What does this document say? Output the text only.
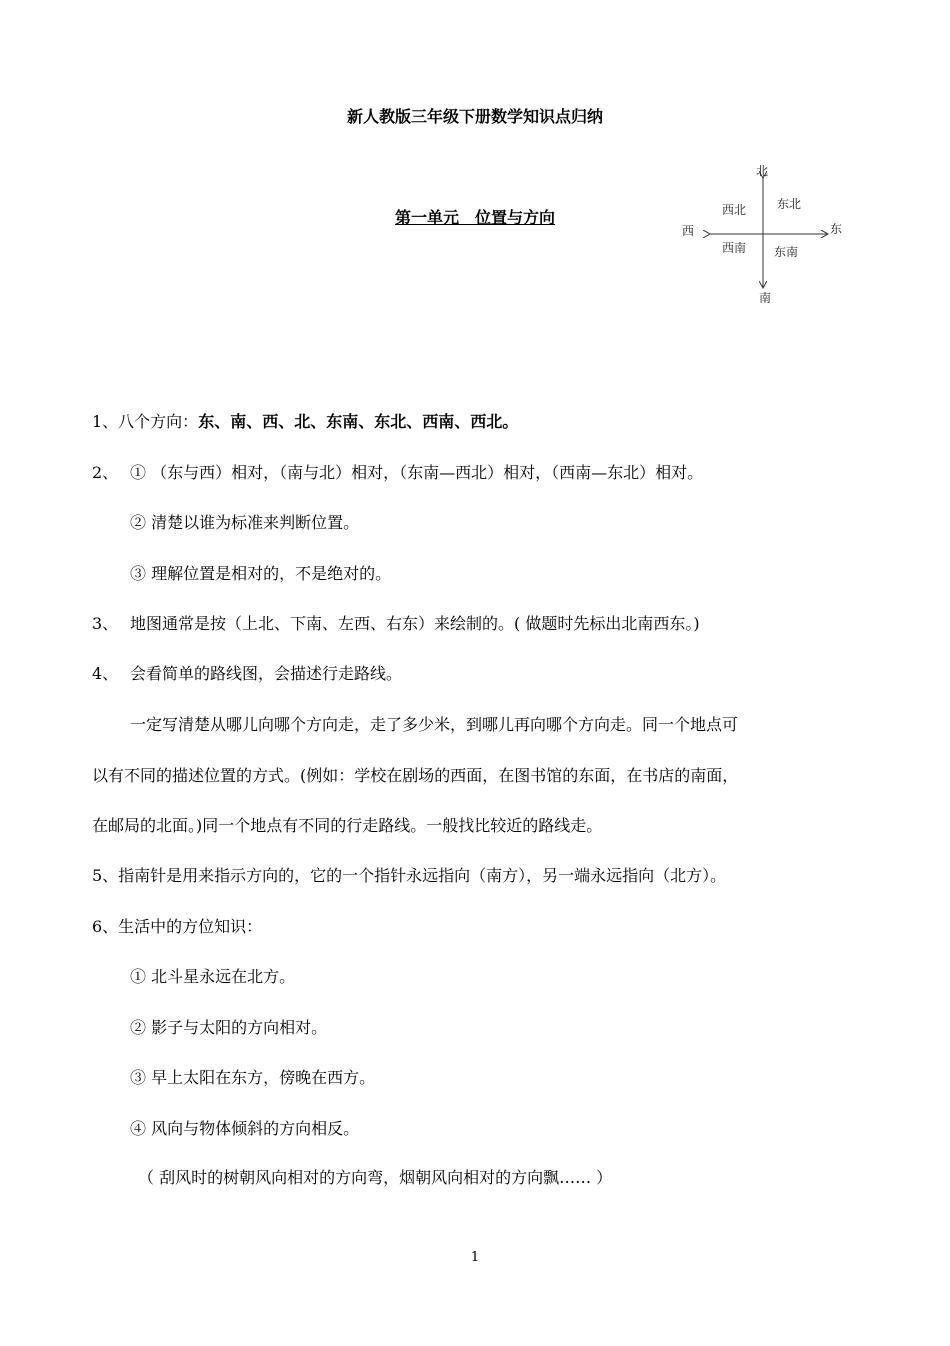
新人教版三年级下册数学知识点归纳
第一单元　位置与方向
北
南
东
西
西北	东北
西南 东南
1、八个方向：东、南、西、北、东南、东北、西南、西北。
2、 ① （东与西）相对，（南与北）相对，（东南—西北）相对，（西南—东北）相对。
② 清楚以谁为标准来判断位置。
③ 理解位置是相对的，不是绝对的。
3、 地图通常是按（上北、下南、左西、右东）来绘制的。( 做题时先标出北南西东。)
4、 会看简单的路线图，会描述行走路线。
一定写清楚从哪儿向哪个方向走，走了多少米，到哪儿再向哪个方向走。同一个地点可
以有不同的描述位置的方式。(例如：学校在剧场的西面，在图书馆的东面，在书店的南面，
在邮局的北面。)同一个地点有不同的行走路线。一般找比较近的路线走。
5、指南针是用来指示方向的，它的一个指针永远指向（南方），另一端永远指向（北方）。
6、生活中的方位知识：
① 北斗星永远在北方。
② 影子与太阳的方向相对。
③ 早上太阳在东方，傍晚在西方。
④ 风向与物体倾斜的方向相反。
（ 刮风时的树朝风向相对的方向弯，烟朝风向相对的方向飘…… ）
1
